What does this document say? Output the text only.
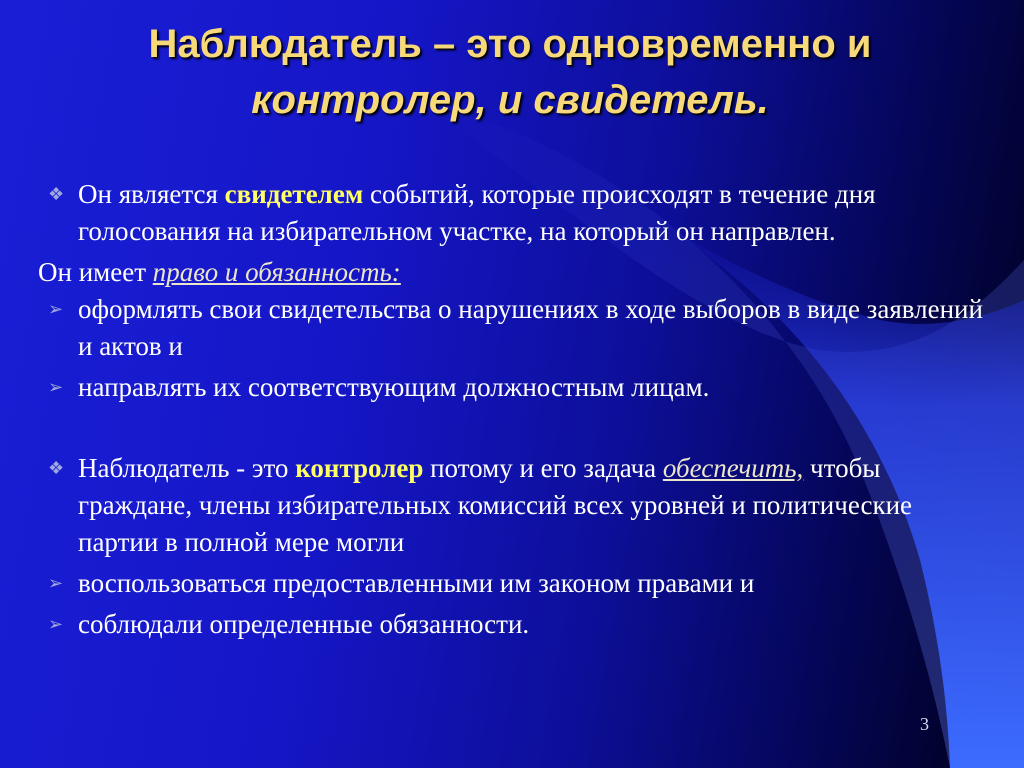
Наблюдатель – это одновременно и
контролер, и свидетель.
❖ Он является свидетелем событий, которые происходят в течение дня голосования на избирательном участке, на который он направлен.
Он имеет право и обязанность:
➢ оформлять свои свидетельства о нарушениях в ходе выборов в виде заявлений и актов и
➢ направлять их соответствующим должностным лицам.
❖ Наблюдатель - это контролер потому и его задача обеспечить, чтобы граждане, члены избирательных комиссий всех уровней и политические партии в полной мере могли
➢ воспользоваться предоставленными им законом правами и
➢ соблюдали определенные обязанности.
3
